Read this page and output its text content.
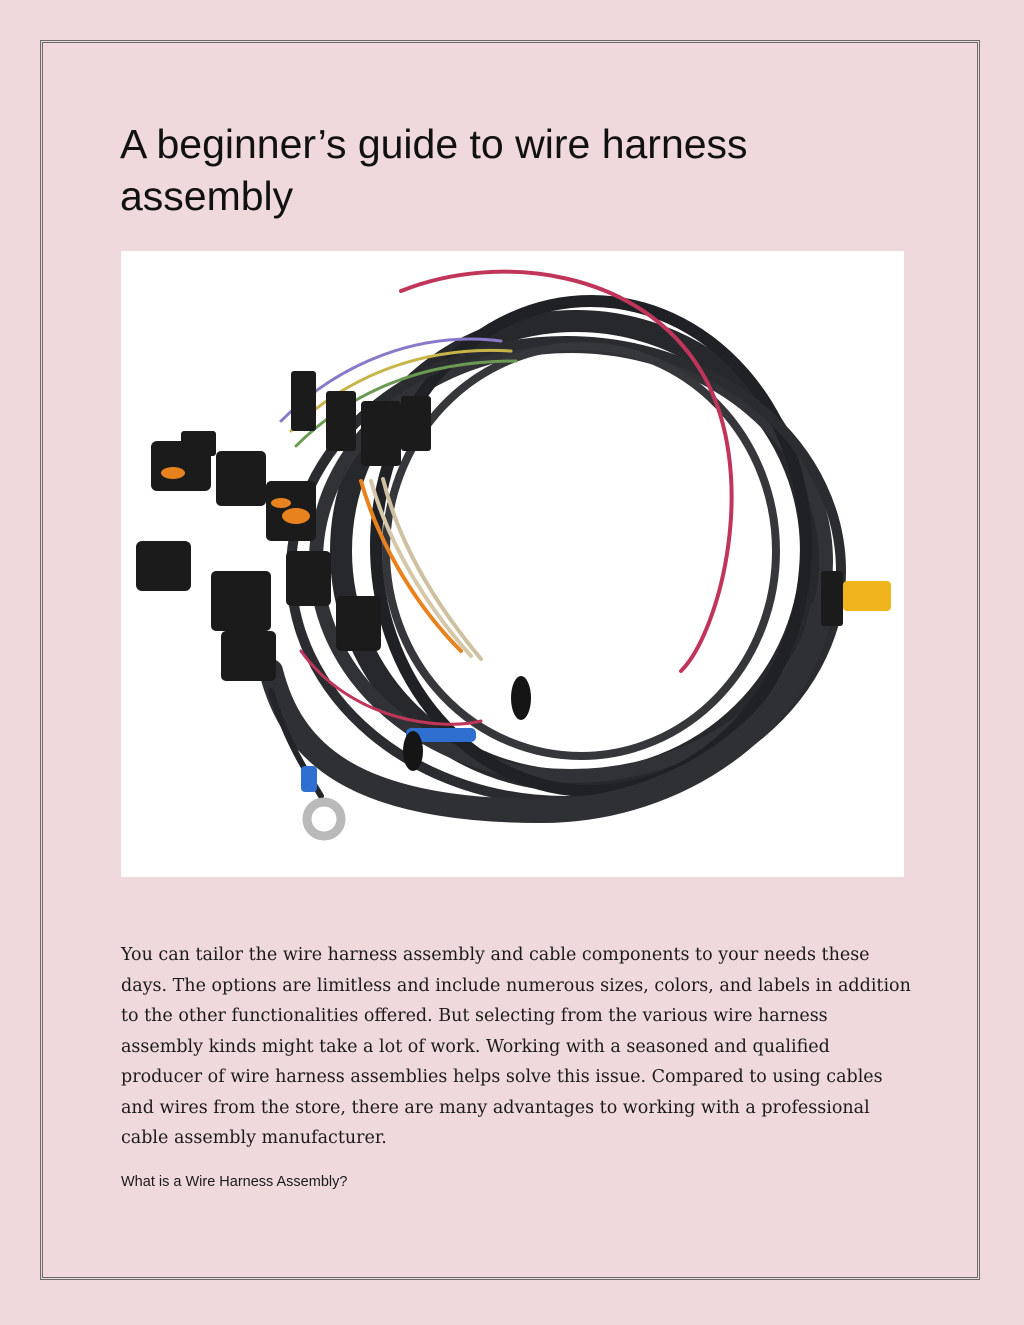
A beginner’s guide to wire harness assembly

You can tailor the wire harness assembly and cable components to your needs these days. The options are limitless and include numerous sizes, colors, and labels in addition to the other functionalities offered. But selecting from the various wire harness assembly kinds might take a lot of work. Working with a seasoned and qualified producer of wire harness assemblies helps solve this issue. Compared to using cables and wires from the store, there are many advantages to working with a professional cable assembly manufacturer.

What is a Wire Harness Assembly?
